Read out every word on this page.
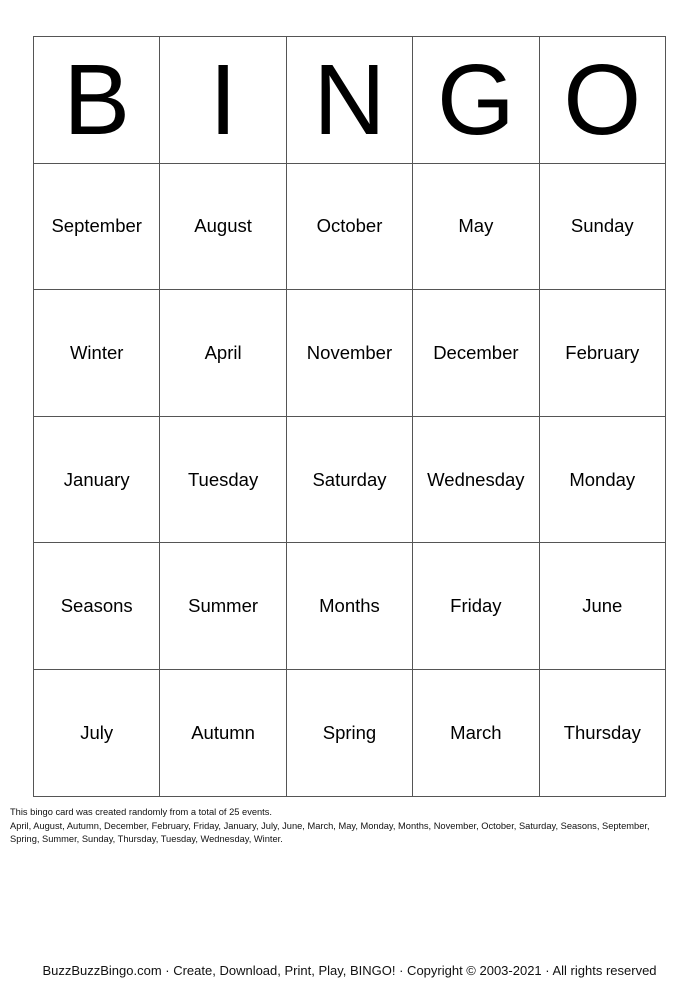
B	I	N	G	O
September	August	October	May	Sunday
Winter	April	November	December	February
January	Tuesday	Saturday	Wednesday	Monday
Seasons	Summer	Months	Friday	June
July	Autumn	Spring	March	Thursday
This bingo card was created randomly from a total of 25 events.
April, August, Autumn, December, February, Friday, January, July, June, March, May, Monday, Months, November, October, Saturday, Seasons, September,
Spring, Summer, Sunday, Thursday, Tuesday, Wednesday, Winter.
BuzzBuzzBingo.com · Create, Download, Print, Play, BINGO! · Copyright © 2003-2021 · All rights reserved
